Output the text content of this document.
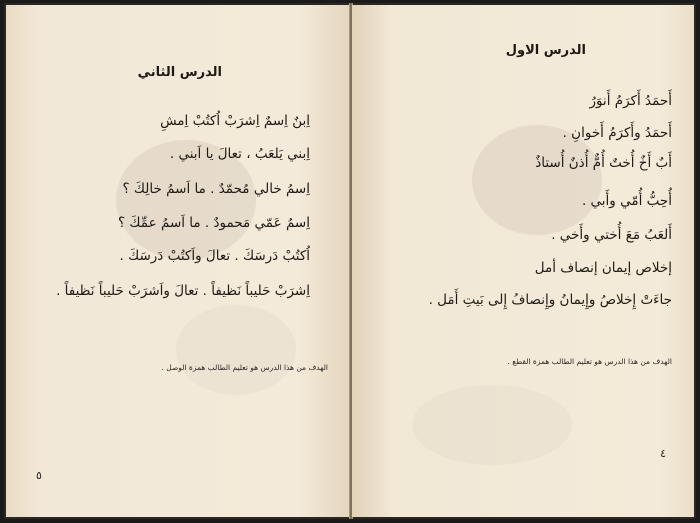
الدرس الثاني
اِبنٌ اِسمٌ اِشرَبْ اُكتُبْ اِمشِ
اِبني يَلعَبُ ، تعالَ يا اَبني .
اِسمُ خالي مُحمّدٌ . ما اَسمُ خالِكَ ؟
اِسمُ عَمّي مَحمودٌ . ما اَسمُ عمِّكَ ؟
اُكتُبْ دَرسَكَ . تعالَ واَكتُبْ دَرسَكَ .
اِشرَبْ حَليباً نَظيفاً . تعالَ واَشرَبْ حَليباً نَظيفاً .
الهدف من هذا الدرس هو تعليم الطالب همزة الوصل .
٥
الدرس الاول
أَحمَدُ أَكرَمُ أَنوَرُ
أَحمَدُ وأَكرَمُ أَخوانِ .
أَبٌ أَخٌ أُختٌ أُمٌّ أُذنٌ أُستاذٌ
أُحِبُّ أُمّي وأَبي .
أَلعَبُ مَعَ أُختي وأَخي .
إخلاص إيمان إنصاف أمل
جاءَتْ إِخلاصُ وإِيمانُ وإِنصافُ إِلى بَيتِ أَمَل .
الهدف من هذا الدرس هو تعليم الطالب همزة القطع .
٤
